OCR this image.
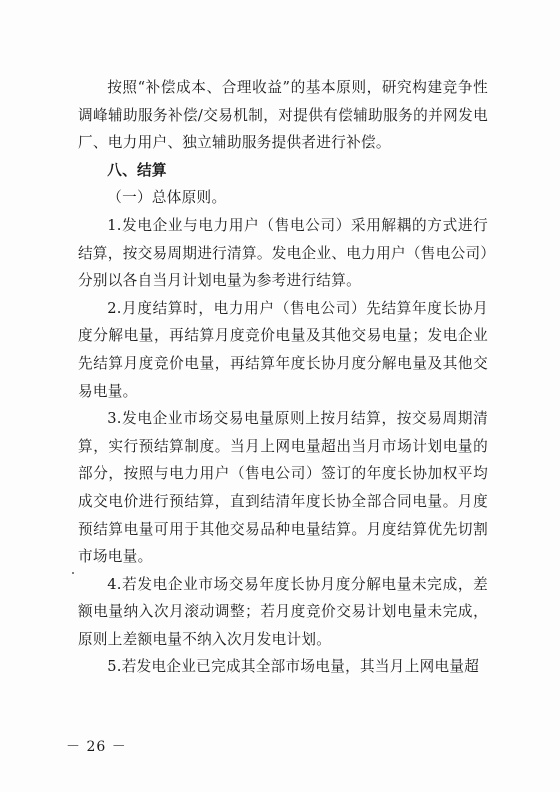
按照“补偿成本、合理收益”的基本原则，研究构建竞争性调峰辅助服务补偿/交易机制，对提供有偿辅助服务的并网发电厂、电力用户、独立辅助服务提供者进行补偿。

八、结算

（一）总体原则。

1.发电企业与电力用户（售电公司）采用解耦的方式进行结算，按交易周期进行清算。发电企业、电力用户（售电公司）分别以各自当月计划电量为参考进行结算。

2.月度结算时，电力用户（售电公司）先结算年度长协月度分解电量，再结算月度竞价电量及其他交易电量；发电企业先结算月度竞价电量，再结算年度长协月度分解电量及其他交易电量。

3.发电企业市场交易电量原则上按月结算，按交易周期清算，实行预结算制度。当月上网电量超出当月市场计划电量的部分，按照与电力用户（售电公司）签订的年度长协加权平均成交电价进行预结算，直到结清年度长协全部合同电量。月度预结算电量可用于其他交易品种电量结算。月度结算优先切割市场电量。

4.若发电企业市场交易年度长协月度分解电量未完成，差额电量纳入次月滚动调整；若月度竞价交易计划电量未完成，原则上差额电量不纳入次月发电计划。

5.若发电企业已完成其全部市场电量，其当月上网电量超

－ 26 －
